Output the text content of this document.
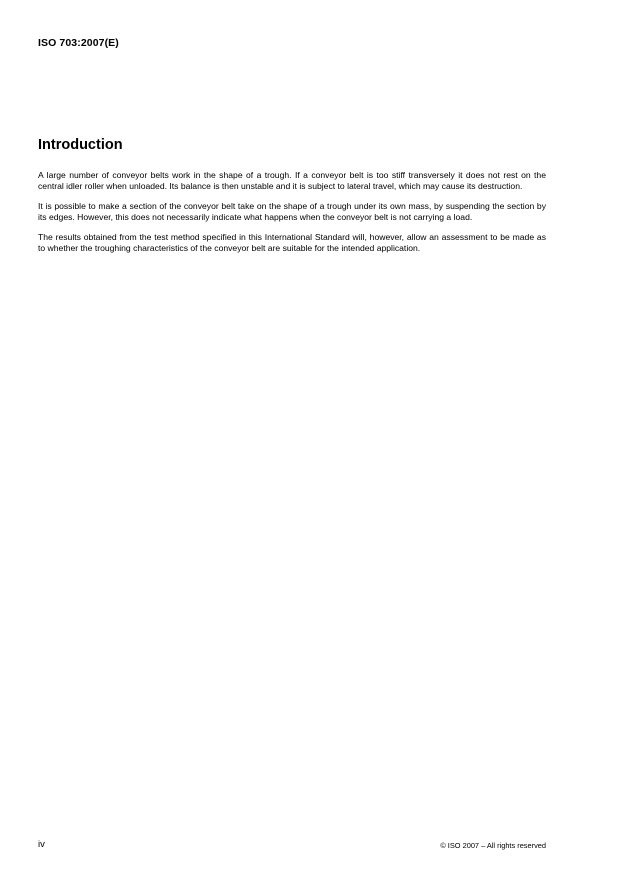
ISO 703:2007(E)
Introduction

A large number of conveyor belts work in the shape of a trough. If a conveyor belt is too stiff transversely it does not rest on the central idler roller when unloaded. Its balance is then unstable and it is subject to lateral travel, which may cause its destruction.

It is possible to make a section of the conveyor belt take on the shape of a trough under its own mass, by suspending the section by its edges. However, this does not necessarily indicate what happens when the conveyor belt is not carrying a load.

The results obtained from the test method specified in this International Standard will, however, allow an assessment to be made as to whether the troughing characteristics of the conveyor belt are suitable for the intended application.

iv	© ISO 2007 – All rights reserved
